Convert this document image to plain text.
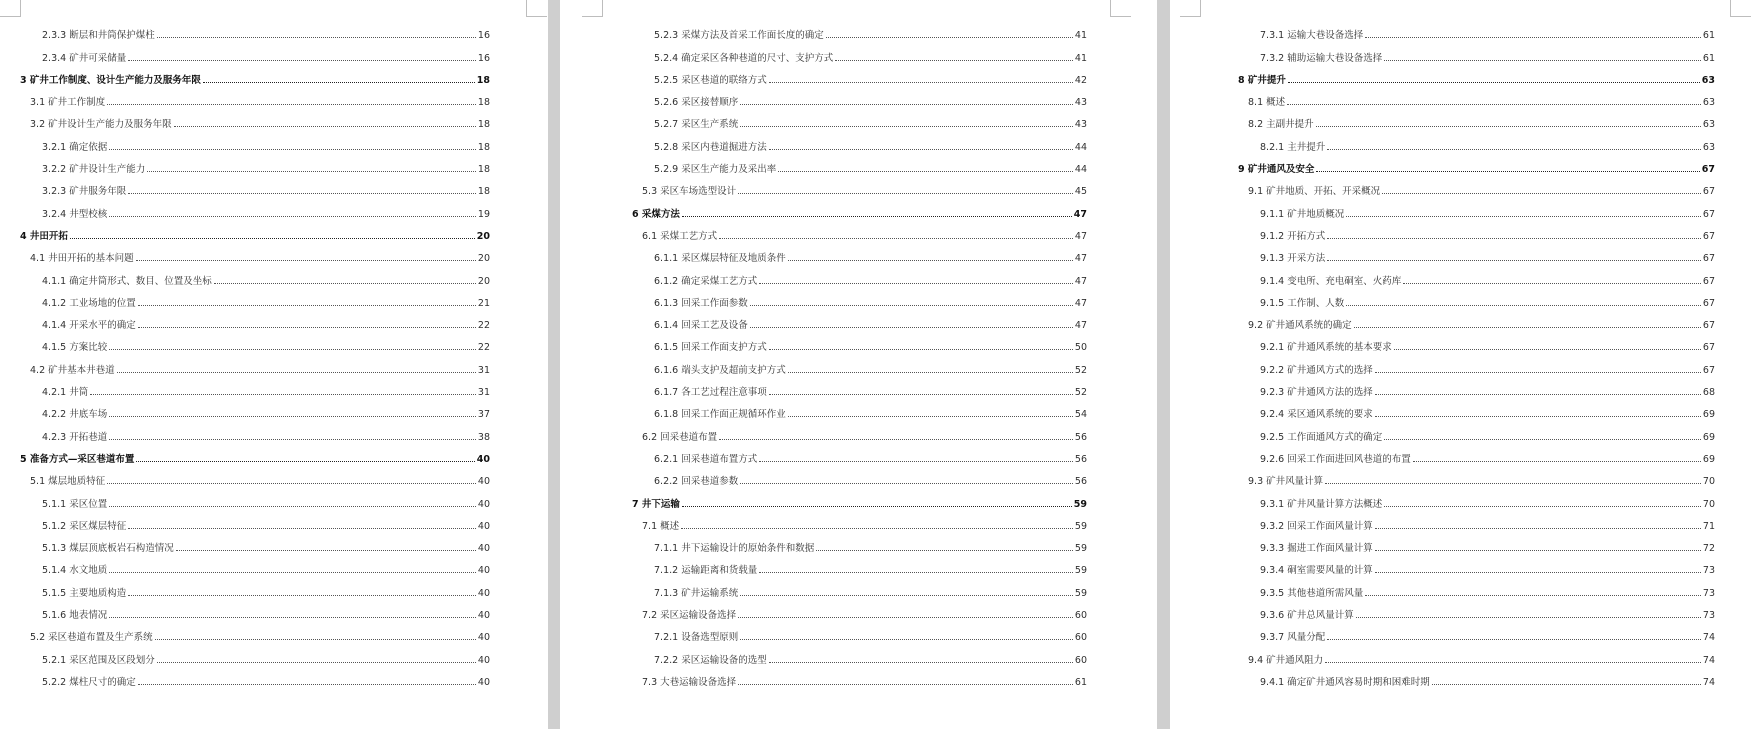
2.3.3 断层和井筒保护煤柱	16
2.3.4 矿井可采储量	16
3 矿井工作制度、设计生产能力及服务年限	18
3.1 矿井工作制度	18
3.2 矿井设计生产能力及服务年限	18
3.2.1 确定依据	18
3.2.2 矿井设计生产能力	18
3.2.3 矿井服务年限	18
3.2.4 井型校核	19
4 井田开拓	20
4.1 井田开拓的基本问题	20
4.1.1 确定井筒形式、数目、位置及坐标	20
4.1.2 工业场地的位置	21
4.1.4 开采水平的确定	22
4.1.5 方案比较	22
4.2 矿井基本井巷道	31
4.2.1 井筒	31
4.2.2 井底车场	37
4.2.3 开拓巷道	38
5 准备方式—采区巷道布置	40
5.1 煤层地质特征	40
5.1.1 采区位置	40
5.1.2 采区煤层特征	40
5.1.3 煤层顶底板岩石构造情况	40
5.1.4 水文地质	40
5.1.5 主要地质构造	40
5.1.6 地表情况	40
5.2 采区巷道布置及生产系统	40
5.2.1 采区范围及区段划分	40
5.2.2 煤柱尺寸的确定	40
5.2.3 采煤方法及首采工作面长度的确定	41
5.2.4 确定采区各种巷道的尺寸、支护方式	41
5.2.5 采区巷道的联络方式	42
5.2.6 采区接替顺序	43
5.2.7 采区生产系统	43
5.2.8 采区内巷道掘进方法	44
5.2.9 采区生产能力及采出率	44
5.3 采区车场选型设计	45
6 采煤方法	47
6.1 采煤工艺方式	47
6.1.1 采区煤层特征及地质条件	47
6.1.2 确定采煤工艺方式	47
6.1.3 回采工作面参数	47
6.1.4 回采工艺及设备	47
6.1.5 回采工作面支护方式	50
6.1.6 端头支护及超前支护方式	52
6.1.7 各工艺过程注意事项	52
6.1.8 回采工作面正规循环作业	54
6.2 回采巷道布置	56
6.2.1 回采巷道布置方式	56
6.2.2 回采巷道参数	56
7 井下运输	59
7.1 概述	59
7.1.1 井下运输设计的原始条件和数据	59
7.1.2 运输距离和货载量	59
7.1.3 矿井运输系统	59
7.2 采区运输设备选择	60
7.2.1 设备选型原则	60
7.2.2 采区运输设备的选型	60
7.3 大巷运输设备选择	61
7.3.1 运输大巷设备选择	61
7.3.2 辅助运输大巷设备选择	61
8 矿井提升	63
8.1 概述	63
8.2 主副井提升	63
8.2.1 主井提升	63
9 矿井通风及安全	67
9.1 矿井地质、开拓、开采概况	67
9.1.1 矿井地质概况	67
9.1.2 开拓方式	67
9.1.3 开采方法	67
9.1.4 变电所、充电硐室、火药库	67
9.1.5 工作制、人数	67
9.2 矿井通风系统的确定	67
9.2.1 矿井通风系统的基本要求	67
9.2.2 矿井通风方式的选择	67
9.2.3 矿井通风方法的选择	68
9.2.4 采区通风系统的要求	69
9.2.5 工作面通风方式的确定	69
9.2.6 回采工作面进回风巷道的布置	69
9.3 矿井风量计算	70
9.3.1 矿井风量计算方法概述	70
9.3.2 回采工作面风量计算	71
9.3.3 掘进工作面风量计算	72
9.3.4 硐室需要风量的计算	73
9.3.5 其他巷道所需风量	73
9.3.6 矿井总风量计算	73
9.3.7 风量分配	74
9.4 矿井通风阻力	74
9.4.1 确定矿井通风容易时期和困难时期	74
